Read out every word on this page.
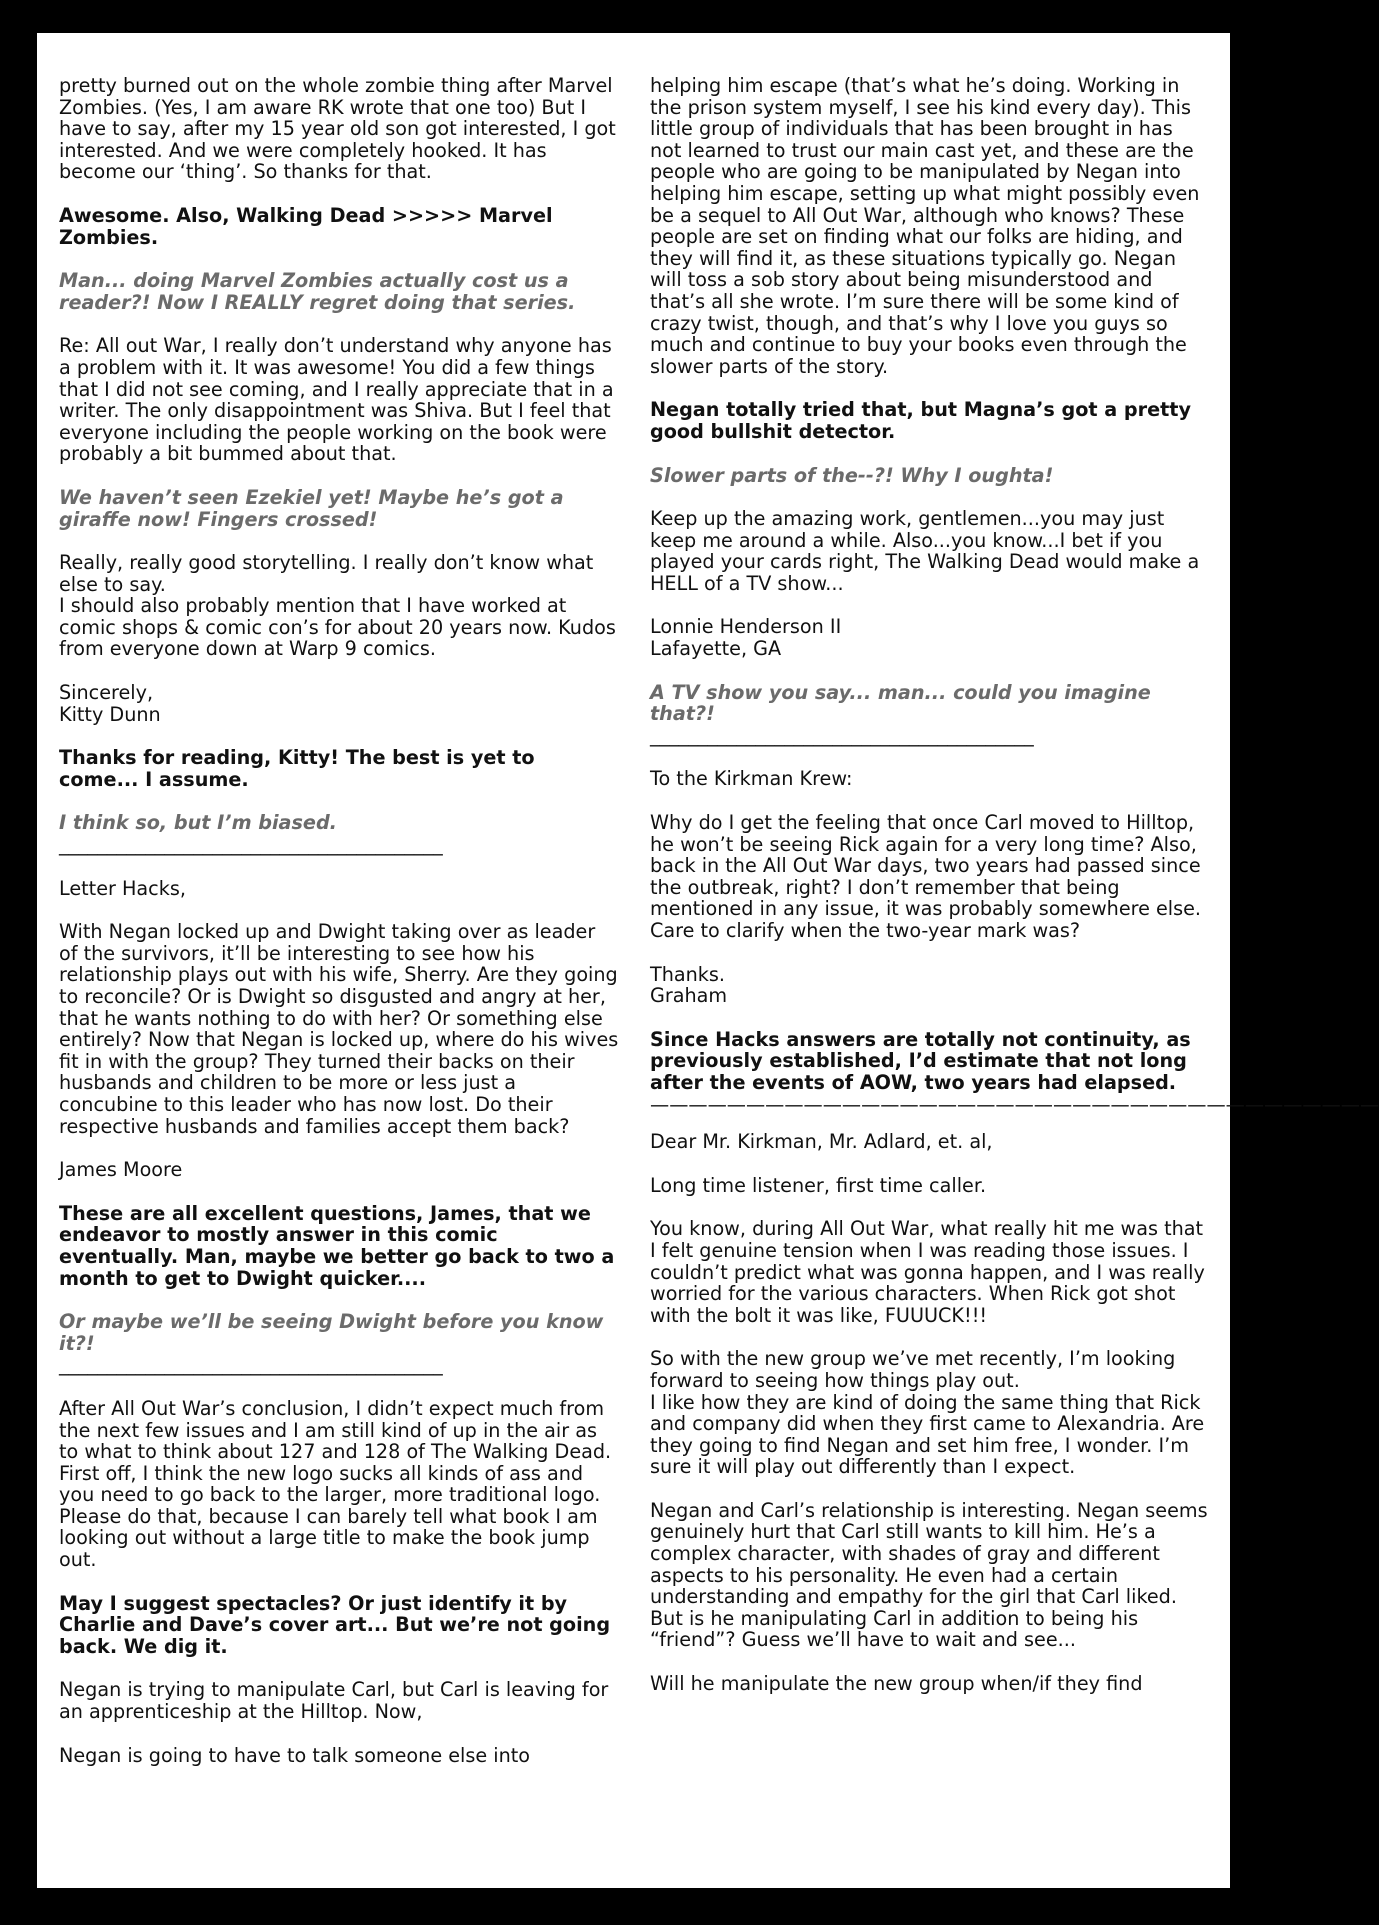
pretty burned out on the whole zombie thing after Marvel Zombies. (Yes, I am aware RK wrote that one too) But I have to say, after my 15 year old son got interested, I got interested. And we were completely hooked. It has become our ‘thing’. So thanks for that.

Awesome. Also, Walking Dead >>>>> Marvel Zombies.

Man... doing Marvel Zombies actually cost us a reader?! Now I REALLY regret doing that series.

Re: All out War, I really don’t understand why anyone has a problem with it. It was awesome! You did a few things that I did not see coming, and I really appreciate that in a writer. The only disappointment was Shiva. But I feel that everyone including the people working on the book were probably a bit bummed about that.

We haven’t seen Ezekiel yet! Maybe he’s got a giraffe now! Fingers crossed!

Really, really good storytelling. I really don’t know what else to say.
I should also probably mention that I have worked at comic shops & comic con’s for about 20 years now. Kudos from everyone down at Warp 9 comics.

Sincerely,
Kitty Dunn

Thanks for reading, Kitty! The best is yet to come... I assume.

I think so, but I’m biased.

________________________________________

Letter Hacks,

With Negan locked up and Dwight taking over as leader of the survivors, it’ll be interesting to see how his relationship plays out with his wife, Sherry. Are they going to reconcile? Or is Dwight so disgusted and angry at her, that he wants nothing to do with her? Or something else entirely? Now that Negan is locked up, where do his wives fit in with the group? They turned their backs on their husbands and children to be more or less just a concubine to this leader who has now lost. Do their respective husbands and families accept them back?

James Moore

These are all excellent questions, James, that we endeavor to mostly answer in this comic eventually. Man, maybe we better go back to two a month to get to Dwight quicker....

Or maybe we’ll be seeing Dwight before you know it?!

________________________________________

After All Out War’s conclusion, I didn’t expect much from the next few issues and I am still kind of up in the air as to what to think about 127 and 128 of The Walking Dead. First off, I think the new logo sucks all kinds of ass and you need to go back to the larger, more traditional logo. Please do that, because I can barely tell what book I am looking out without a large title to make the book jump out.

May I suggest spectacles? Or just identify it by Charlie and Dave’s cover art... But we’re not going back. We dig it.

Negan is trying to manipulate Carl, but Carl is leaving for an apprenticeship at the Hilltop. Now,

Negan is going to have to talk someone else into

helping him escape (that’s what he’s doing. Working in the prison system myself, I see his kind every day). This little group of individuals that has been brought in has not learned to trust our main cast yet, and these are the people who are going to be manipulated by Negan into helping him escape, setting up what might possibly even be a sequel to All Out War, although who knows? These people are set on finding what our folks are hiding, and they will find it, as these situations typically go. Negan will toss a sob story about being misunderstood and that’s all she wrote. I’m sure there will be some kind of crazy twist, though, and that’s why I love you guys so much and continue to buy your books even through the slower parts of the story.

Negan totally tried that, but Magna’s got a pretty good bullshit detector.

Slower parts of the--?! Why I oughta!

Keep up the amazing work, gentlemen...you may just keep me around a while. Also...you know...I bet if you played your cards right, The Walking Dead would make a HELL of a TV show...

Lonnie Henderson II
Lafayette, GA

A TV show you say... man... could you imagine that?!

________________________________________

To the Kirkman Krew:

Why do I get the feeling that once Carl moved to Hilltop, he won’t be seeing Rick again for a very long time? Also, back in the All Out War days, two years had passed since the outbreak, right? I don’t remember that being mentioned in any issue, it was probably somewhere else. Care to clarify when the two-year mark was?

Thanks.
Graham

Since Hacks answers are totally not continuity, as previously established, I’d estimate that not long after the events of AOW, two years had elapsed.

——————————————————————————————————————

Dear Mr. Kirkman, Mr. Adlard, et. al,

Long time listener, first time caller.

You know, during All Out War, what really hit me was that I felt genuine tension when I was reading those issues. I couldn’t predict what was gonna happen, and I was really worried for the various characters. When Rick got shot with the bolt it was like, FUUUCK!!!

So with the new group we’ve met recently, I’m looking forward to seeing how things play out.
I like how they are kind of doing the same thing that Rick and company did when they first came to Alexandria. Are they going to find Negan and set him free, I wonder. I’m sure it will play out differently than I expect.

Negan and Carl’s relationship is interesting. Negan seems genuinely hurt that Carl still wants to kill him. He’s a complex character, with shades of gray and different aspects to his personality. He even had a certain understanding and empathy for the girl that Carl liked. But is he manipulating Carl in addition to being his “friend”? Guess we’ll have to wait and see...

Will he manipulate the new group when/if they find
